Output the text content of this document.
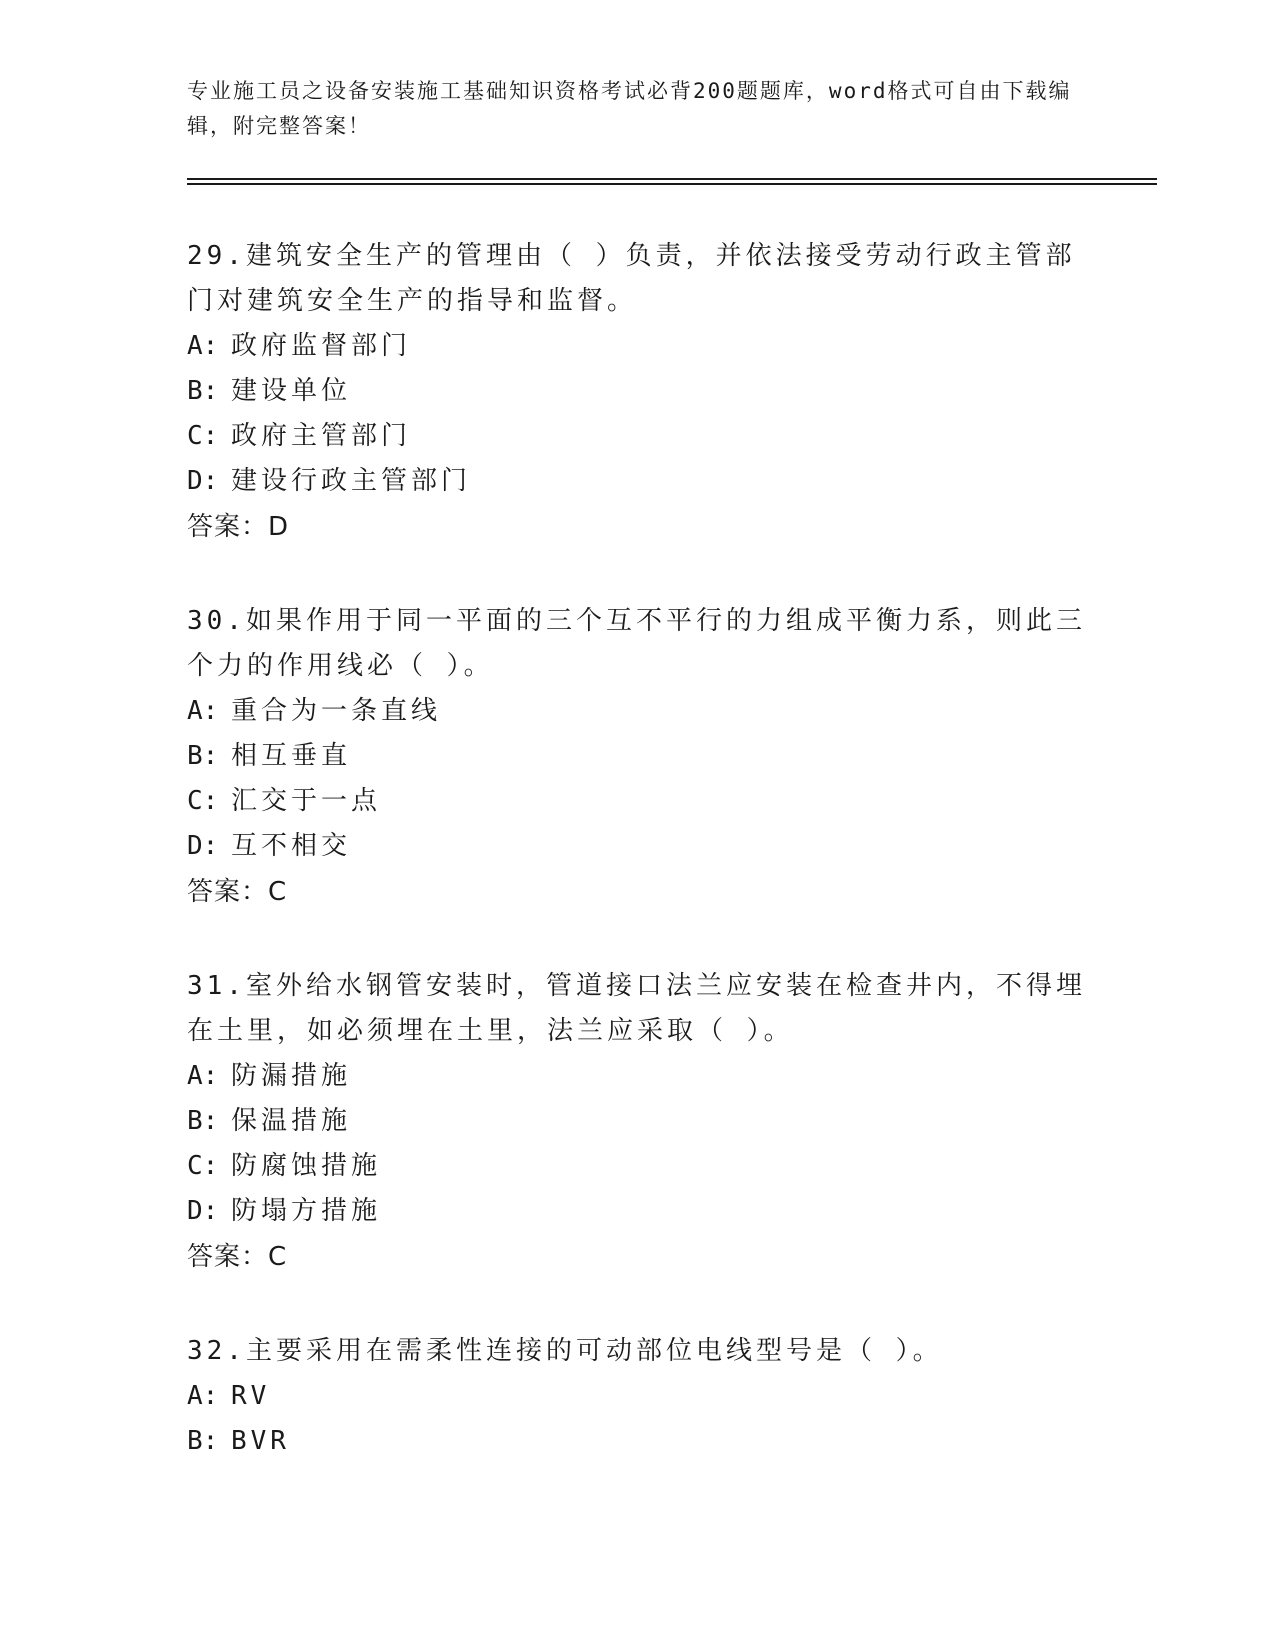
专业施工员之设备安装施工基础知识资格考试必背200题题库，word格式可自由下载编辑，附完整答案！

29.建筑安全生产的管理由（ ）负责，并依法接受劳动行政主管部门对建筑安全生产的指导和监督。

A: 政府监督部门

B: 建设单位

C: 政府主管部门

D: 建设行政主管部门

答案：D

30.如果作用于同一平面的三个互不平行的力组成平衡力系，则此三个力的作用线必（ ）。

A: 重合为一条直线

B: 相互垂直

C: 汇交于一点

D: 互不相交

答案：C

31.室外给水钢管安装时，管道接口法兰应安装在检查井内，不得埋在土里，如必须埋在土里，法兰应采取（ ）。

A: 防漏措施

B: 保温措施

C: 防腐蚀措施

D: 防塌方措施

答案：C

32.主要采用在需柔性连接的可动部位电线型号是（ ）。

A: RV

B: BVR
